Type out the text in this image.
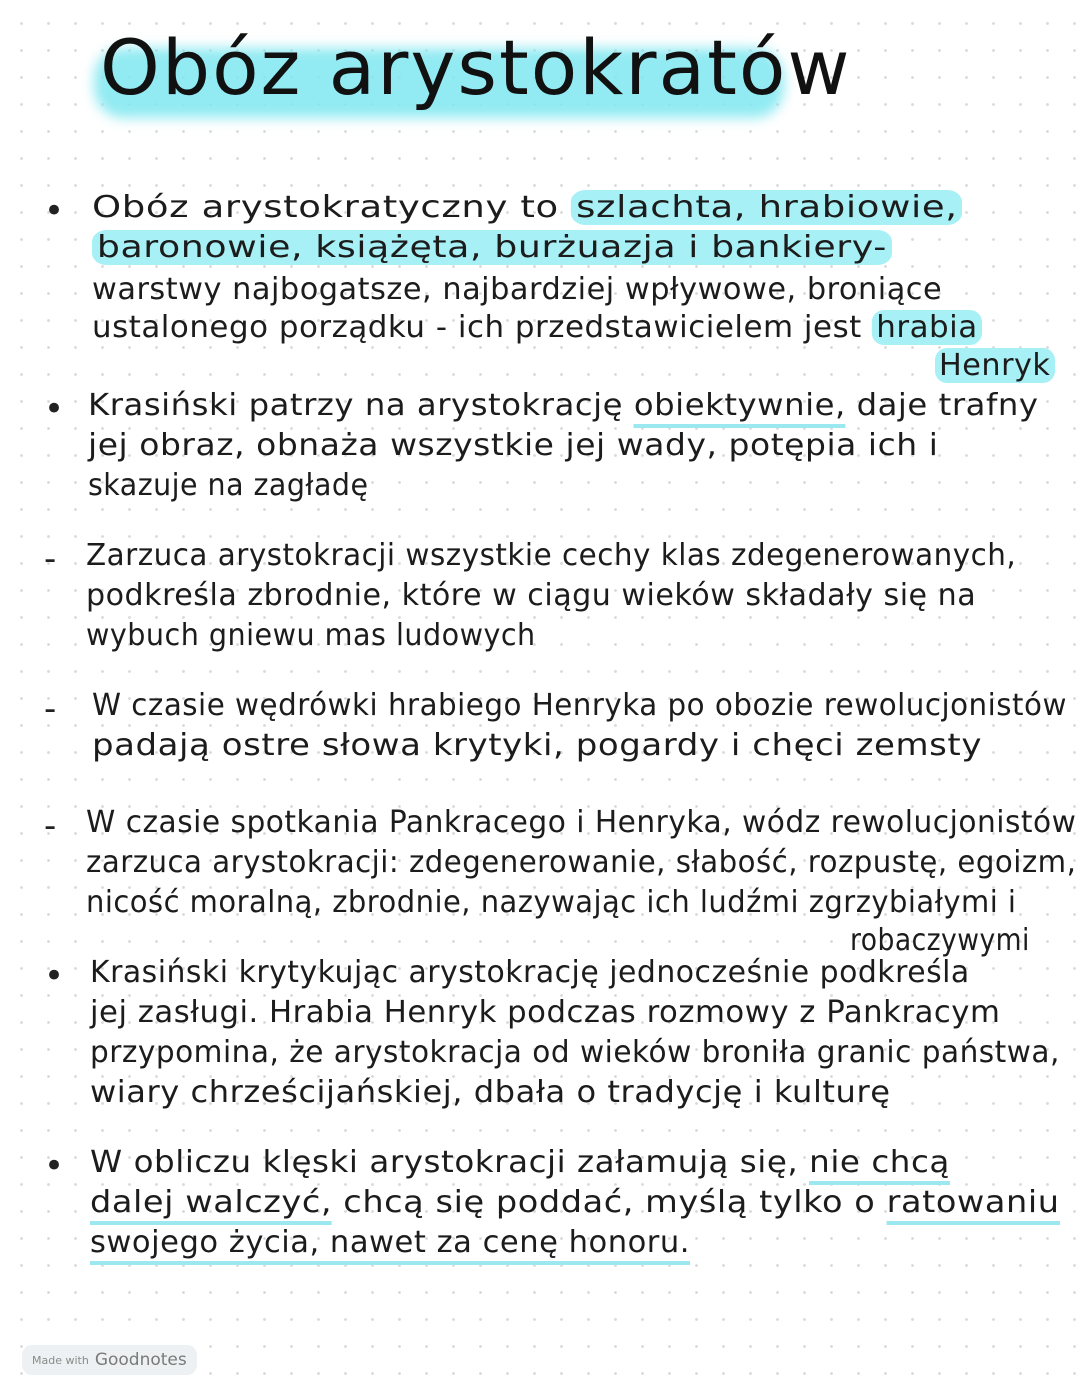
Obóz arystokratów
• Obóz arystokratyczny to szlachta, hrabiowie,
baronowie, książęta, burżuazja i bankiery-
warstwy najbogatsze, najbardziej wpływowe, broniące
ustalonego porządku - ich przedstawicielem jest hrabia
Henryk
• Krasiński patrzy na arystokrację obiektywnie, daje trafny
jej obraz, obnaża wszystkie jej wady, potępia ich i
skazuje na zagładę
- Zarzuca arystokracji wszystkie cechy klas zdegenerowanych,
podkreśla zbrodnie, które w ciągu wieków składały się na
wybuch gniewu mas ludowych
- W czasie wędrówki hrabiego Henryka po obozie rewolucjonistów
padają ostre słowa krytyki, pogardy i chęci zemsty
- W czasie spotkania Pankracego i Henryka, wódz rewolucjonistów
zarzuca arystokracji: zdegenerowanie, słabość, rozpustę, egoizm,
nicość moralną, zbrodnie, nazywając ich ludźmi zgrzybiałymi i
robaczywymi
• Krasiński krytykując arystokrację jednocześnie podkreśla
jej zasługi. Hrabia Henryk podczas rozmowy z Pankracym
przypomina, że arystokracja od wieków broniła granic państwa,
wiary chrześcijańskiej, dbała o tradycję i kulturę
• W obliczu klęski arystokracji załamują się, nie chcą
dalej walczyć, chcą się poddać, myślą tylko o ratowaniu
swojego życia, nawet za cenę honoru.
Made with Goodnotes
